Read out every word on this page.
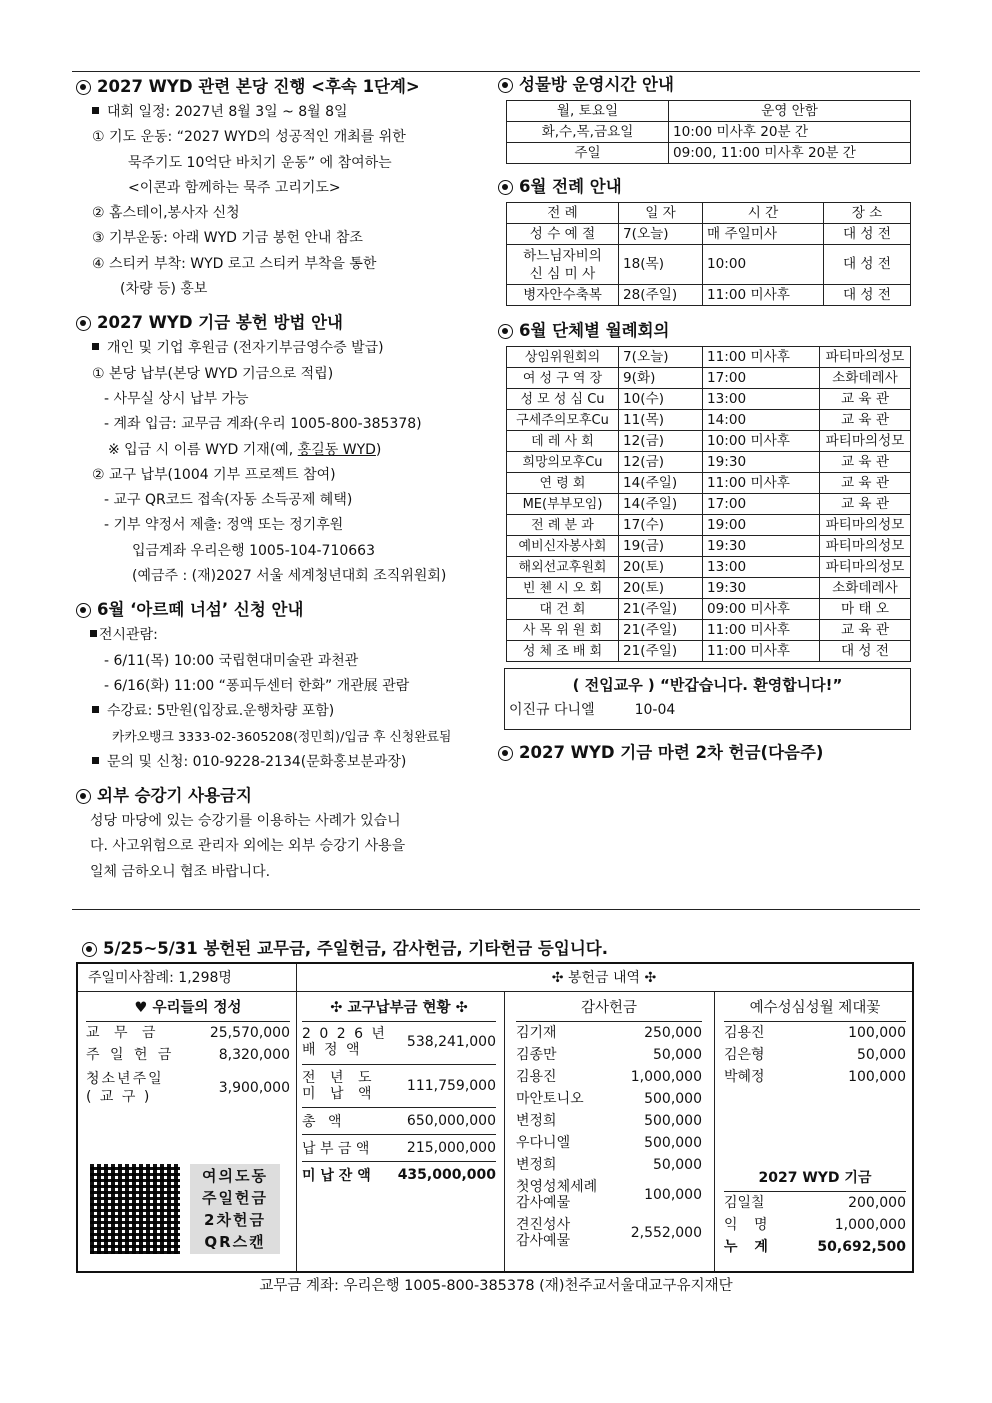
2027 WYD 관련 본당 진행 <후속 1단계>
대회 일정: 2027년 8월 3일 ~ 8월 8일
① 기도 운동: “2027 WYD의 성공적인 개최를 위한
묵주기도 10억단 바치기 운동” 에 참여하는
<이콘과 함께하는 묵주 고리기도>
② 홈스테이,봉사자 신청
③ 기부운동: 아래 WYD 기금 봉헌 안내 참조
④ 스티커 부착: WYD 로고 스티커 부착을 통한
(차량 등) 홍보
2027 WYD 기금 봉헌 방법 안내
개인 및 기업 후원금 (전자기부금영수증 발급)
① 본당 납부(본당 WYD 기금으로 적립)
- 사무실 상시 납부 가능
- 계좌 입금: 교무금 계좌(우리 1005-800-385378)
※ 입금 시 이름 WYD 기재(예, 홍길동 WYD)
② 교구 납부(1004 기부 프로젝트 참여)
- 교구 QR코드 접속(자동 소득공제 혜택)
- 기부 약정서 제출: 정액 또는 정기후원
입금계좌 우리은행 1005-104-710663
(예금주 : (재)2027 서울 세계청년대회 조직위원회)
6월 ‘아르떼 너섬’ 신청 안내
전시관람:
- 6/11(목) 10:00 국립현대미술관 과천관
- 6/16(화) 11:00 “퐁피두센터 한화” 개관展 관람
수강료: 5만원(입장료.운행차량 포함)
카카오뱅크 3333-02-3605208(정민희)/입금 후 신청완료됨
문의 및 신청: 010-9228-2134(문화홍보분과장)
외부 승강기 사용금지
성당 마당에 있는 승강기를 이용하는 사례가 있습니
다. 사고위험으로 관리자 외에는 외부 승강기 사용을
일체 금하오니 협조 바랍니다.
성물방 운영시간 안내
월, 토요일	운영 안함
화,수,목,금요일	10:00 미사후 20분 간
주일	09:00, 11:00 미사후 20분 간
6월 전례 안내
전 례	일 자	시 간	장 소
성 수 예 절	7(오늘)	매 주일미사	대 성 전
하느님자비의
신 심 미 사	18(목)	10:00	대 성 전
병자안수축복	28(주일)	11:00 미사후	대 성 전
6월 단체별 월례회의
상임위원회의	7(오늘)	11:00 미사후	파티마의성모
여 성 구 역 장	9(화)	17:00	소화데레사
성 모 성 심 Cu	10(수)	13:00	교 육 관
구세주의모후Cu	11(목)	14:00	교 육 관
데 레 사 회	12(금)	10:00 미사후	파티마의성모
희망의모후Cu	12(금)	19:30	교 육 관
연 령 회	14(주일)	11:00 미사후	교 육 관
ME(부부모임)	14(주일)	17:00	교 육 관
전 례 분 과	17(수)	19:00	파티마의성모
예비신자봉사회	19(금)	19:30	파티마의성모
해외선교후원회	20(토)	13:00	파티마의성모
빈 첸 시 오 회	20(토)	19:30	소화데레사
대 건 회	21(주일)	09:00 미사후	마 태 오
사 목 위 원 회	21(주일)	11:00 미사후	교 육 관
성 체 조 배 회	21(주일)	11:00 미사후	대 성 전
( 전입교우 ) “반갑습니다. 환영합니다!”
이진규 다니엘	10-04
2027 WYD 기금 마련 2차 헌금(다음주)
5/25~5/31 봉헌된 교무금, 주일헌금, 감사헌금, 기타헌금 등입니다.
주일미사참례: 1,298명	✣ 봉헌금 내역 ✣
♥ 우리들의 정성
교 무 금	25,570,000
주 일 헌 금	8,320,000
청소년주일
( 교 구 )
3,900,000
여의도동
주일헌금
2차헌금
QR스캔
✣ 교구납부금 현황 ✣
2 0 2 6 년
배 정 액	538,241,000
전 년 도
미 납 액 111,759,000
총 액	650,000,000
납 부 금 액	215,000,000
미 납 잔 액 435,000,000
감사헌금
김기재	250,000
김종만	50,000
김용진	1,000,000
마안토니오	500,000
변정희	500,000
우다니엘	500,000
변정희	50,000
첫영성체세례
감사예물	100,000
견진성사
감사예물	2,552,000
예수성심성월 제대꽃
김용진	100,000
김은형	50,000
박혜정	100,000
2027 WYD 기금
김일칠	200,000
익 명	1,000,000
누 계	50,692,500
교무금 계좌: 우리은행 1005-800-385378 (재)천주교서울대교구유지재단
